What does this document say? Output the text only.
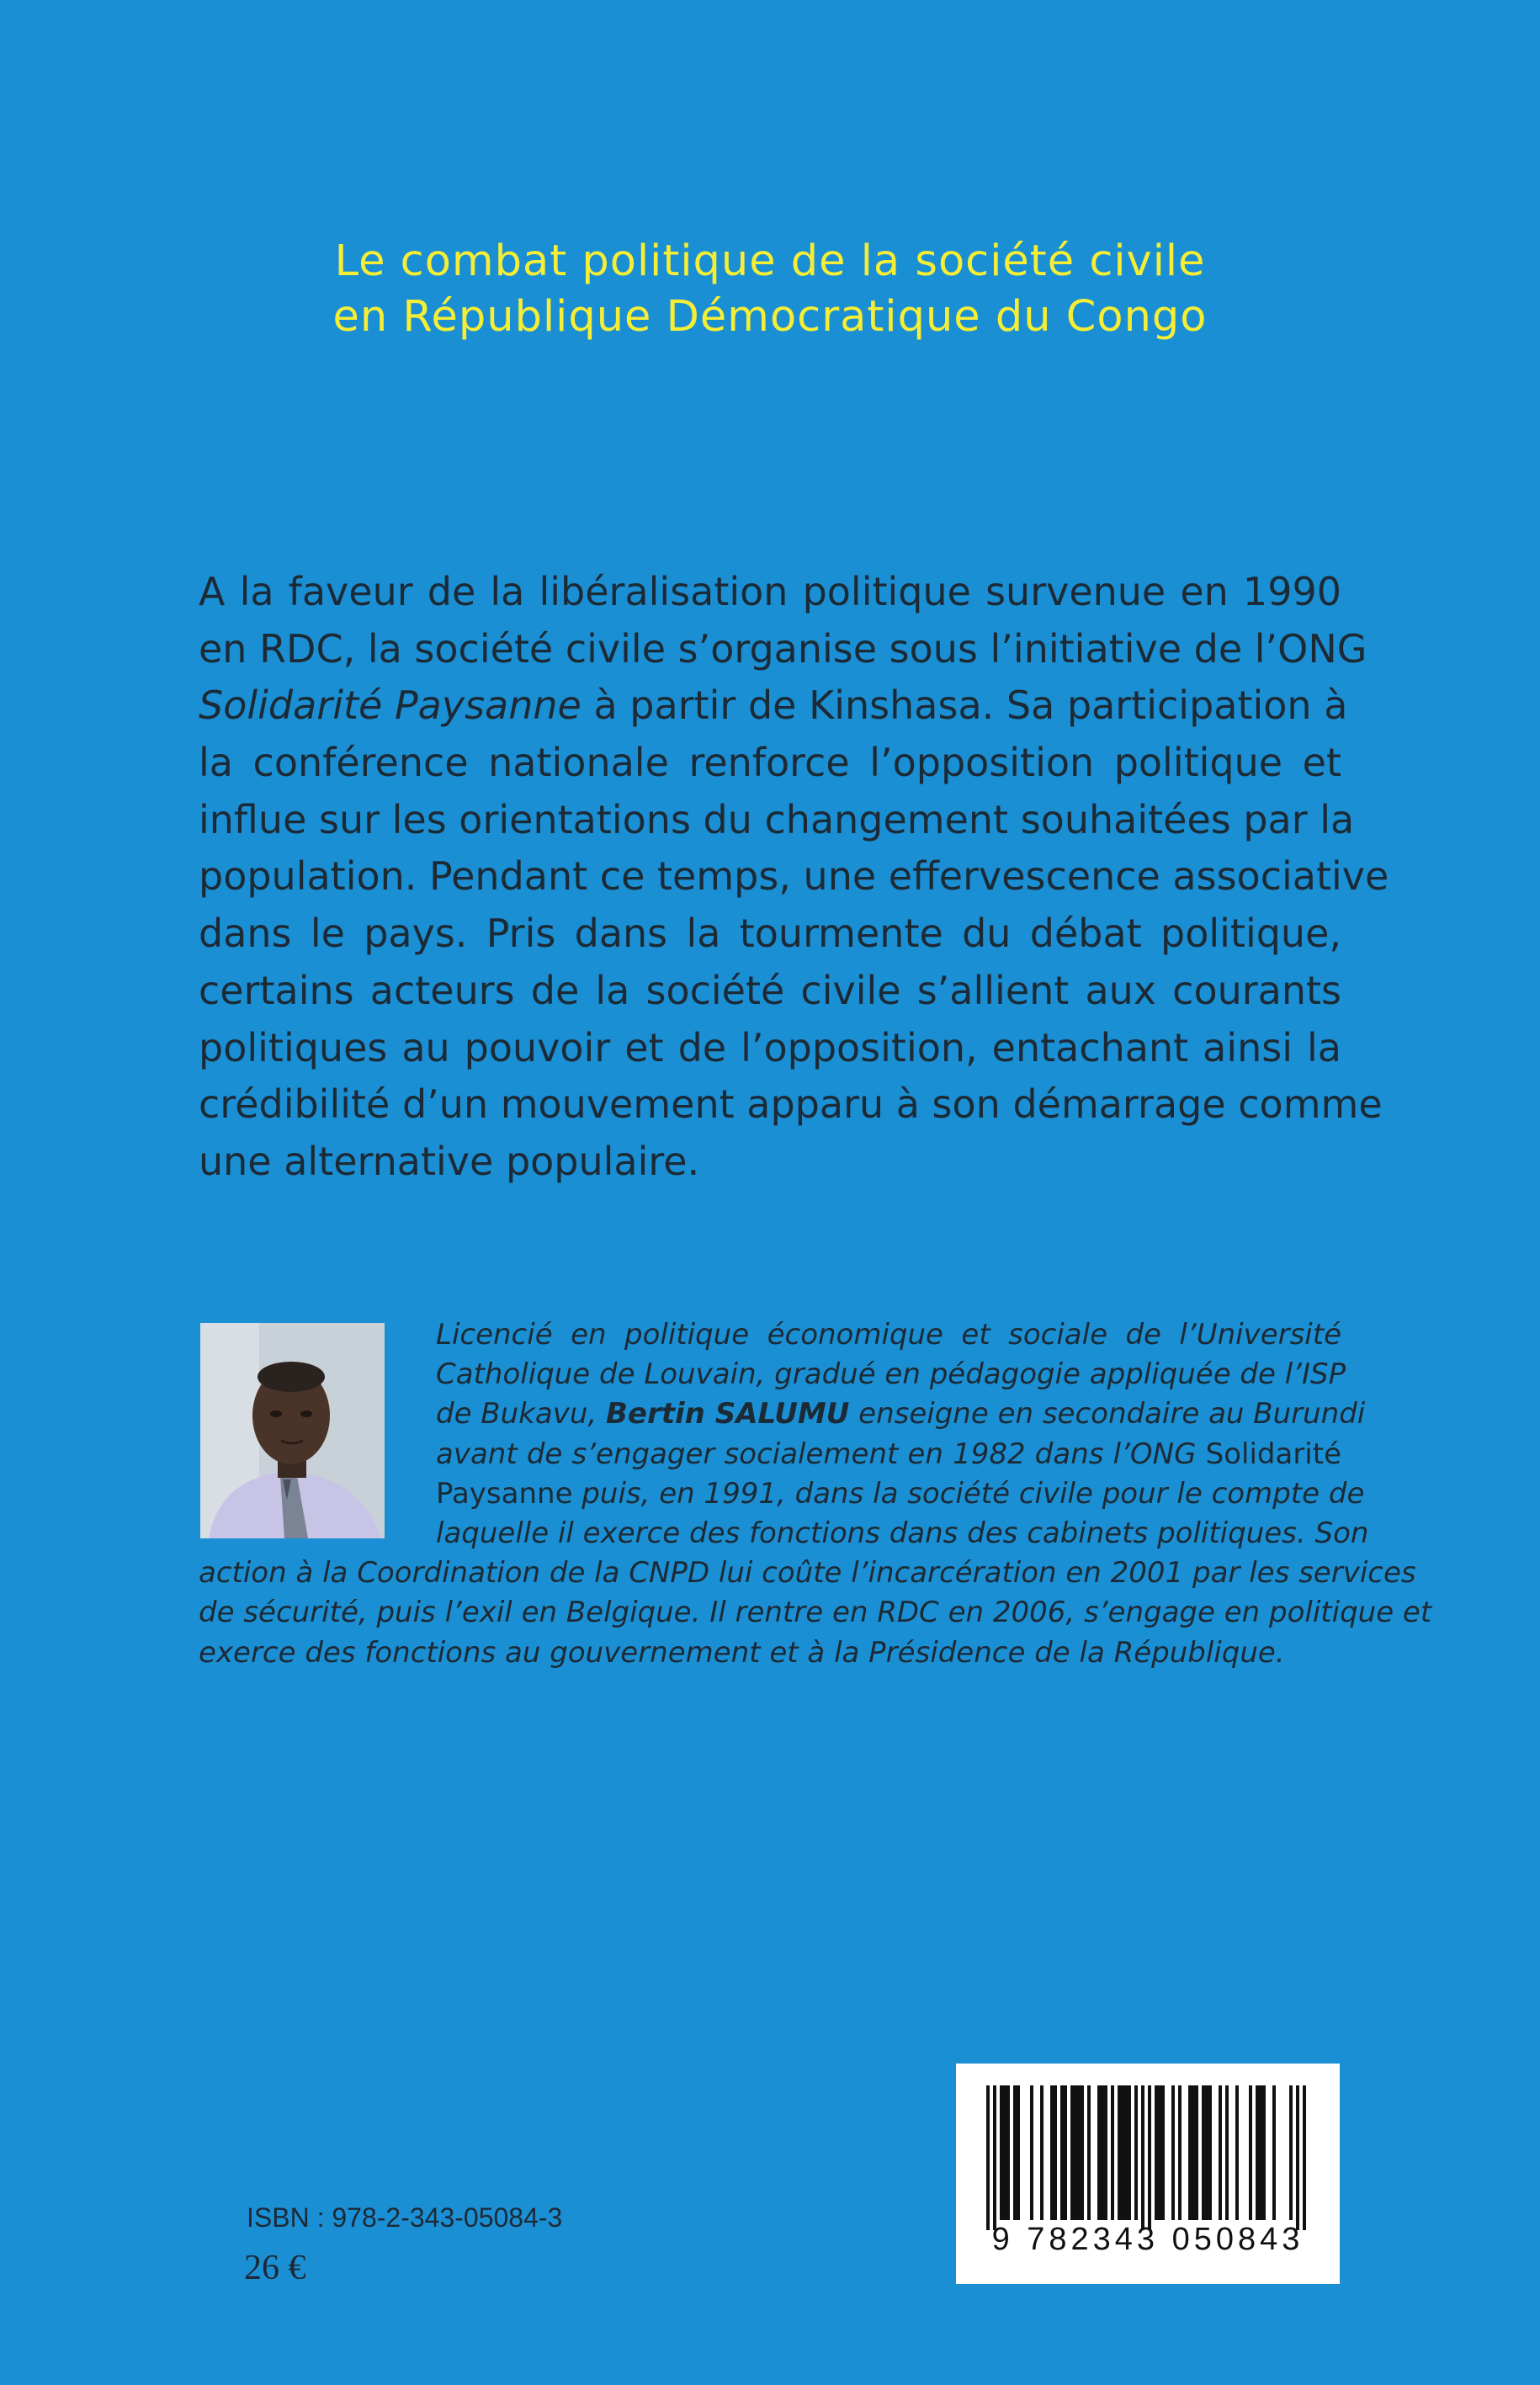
Le combat politique de la société civile
en République Démocratique du Congo
A la faveur de la libéralisation politique survenue en 1990
en RDC, la société civile s’organise sous l’initiative de l’ONG
Solidarité Paysanne à partir de Kinshasa. Sa participation à
la conférence nationale renforce l’opposition politique et
influe sur les orientations du changement souhaitées par la
population. Pendant ce temps, une effervescence associative
dans le pays. Pris dans la tourmente du débat politique,
certains acteurs de la société civile s’allient aux courants
politiques au pouvoir et de l’opposition, entachant ainsi la
crédibilité d’un mouvement apparu à son démarrage comme
une alternative populaire.
Licencié en politique économique et sociale de l’Université
Catholique de Louvain, gradué en pédagogie appliquée de l’ISP
de Bukavu, Bertin SALUMU enseigne en secondaire au Burundi
avant de s’engager socialement en 1982 dans l’ONG Solidarité
Paysanne puis, en 1991, dans la société civile pour le compte de
laquelle il exerce des fonctions dans des cabinets politiques. Son
action à la Coordination de la CNPD lui coûte l’incarcération en 2001 par les services
de sécurité, puis l’exil en Belgique. Il rentre en RDC en 2006, s’engage en politique et
exerce des fonctions au gouvernement et à la Présidence de la République.
ISBN : 978-2-343-05084-3
26 €
9 782343 050843
